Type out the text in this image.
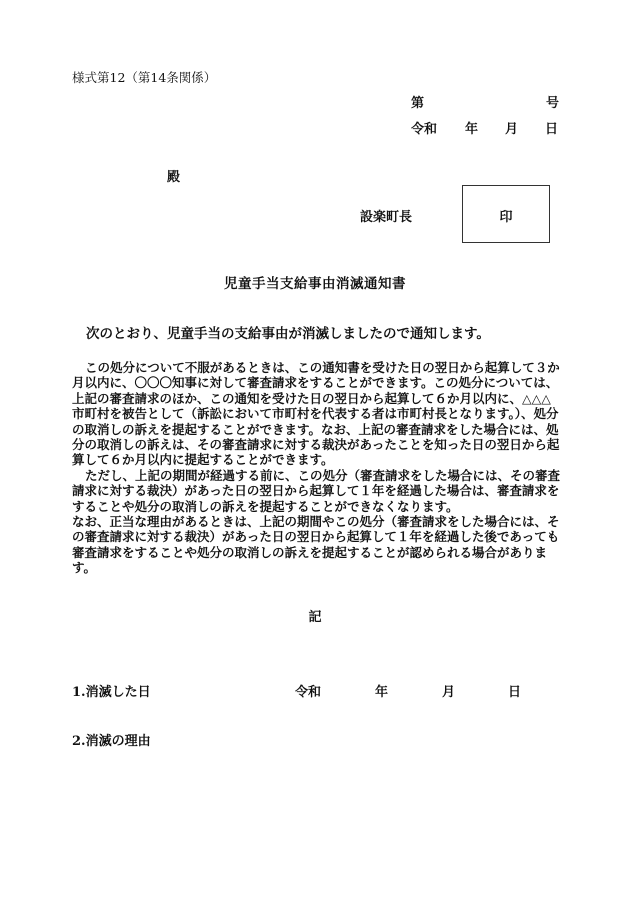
様式第12（第14条関係）
第	号
令和 年 月 日
殿
設楽町長	印
児童手当支給事由消滅通知書
次のとおり、児童手当の支給事由が消滅しましたので通知します。

この処分について不服があるときは、この通知書を受けた日の翌日から起算して３か月以内に、〇〇〇知事に対して審査請求をすることができます。この処分については、上記の審査請求のほか、この通知を受けた日の翌日から起算して６か月以内に、△△△市町村を被告として（訴訟において市町村を代表する者は市町村長となります。）、処分の取消しの訴えを提起することができます。なお、上記の審査請求をした場合には、処分の取消しの訴えは、その審査請求に対する裁決があったことを知った日の翌日から起算して６か月以内に提起することができます。

ただし、上記の期間が経過する前に、この処分（審査請求をした場合には、その審査請求に対する裁決）があった日の翌日から起算して１年を経過した場合は、審査請求をすることや処分の取消しの訴えを提起することができなくなります。

なお、正当な理由があるときは、上記の期間やこの処分（審査請求をした場合には、その審査請求に対する裁決）があった日の翌日から起算して１年を経過した後であっても審査請求をすることや処分の取消しの訴えを提起することが認められる場合があります。

記
1.消滅した日	令和	年	月	日
2.消滅の理由
